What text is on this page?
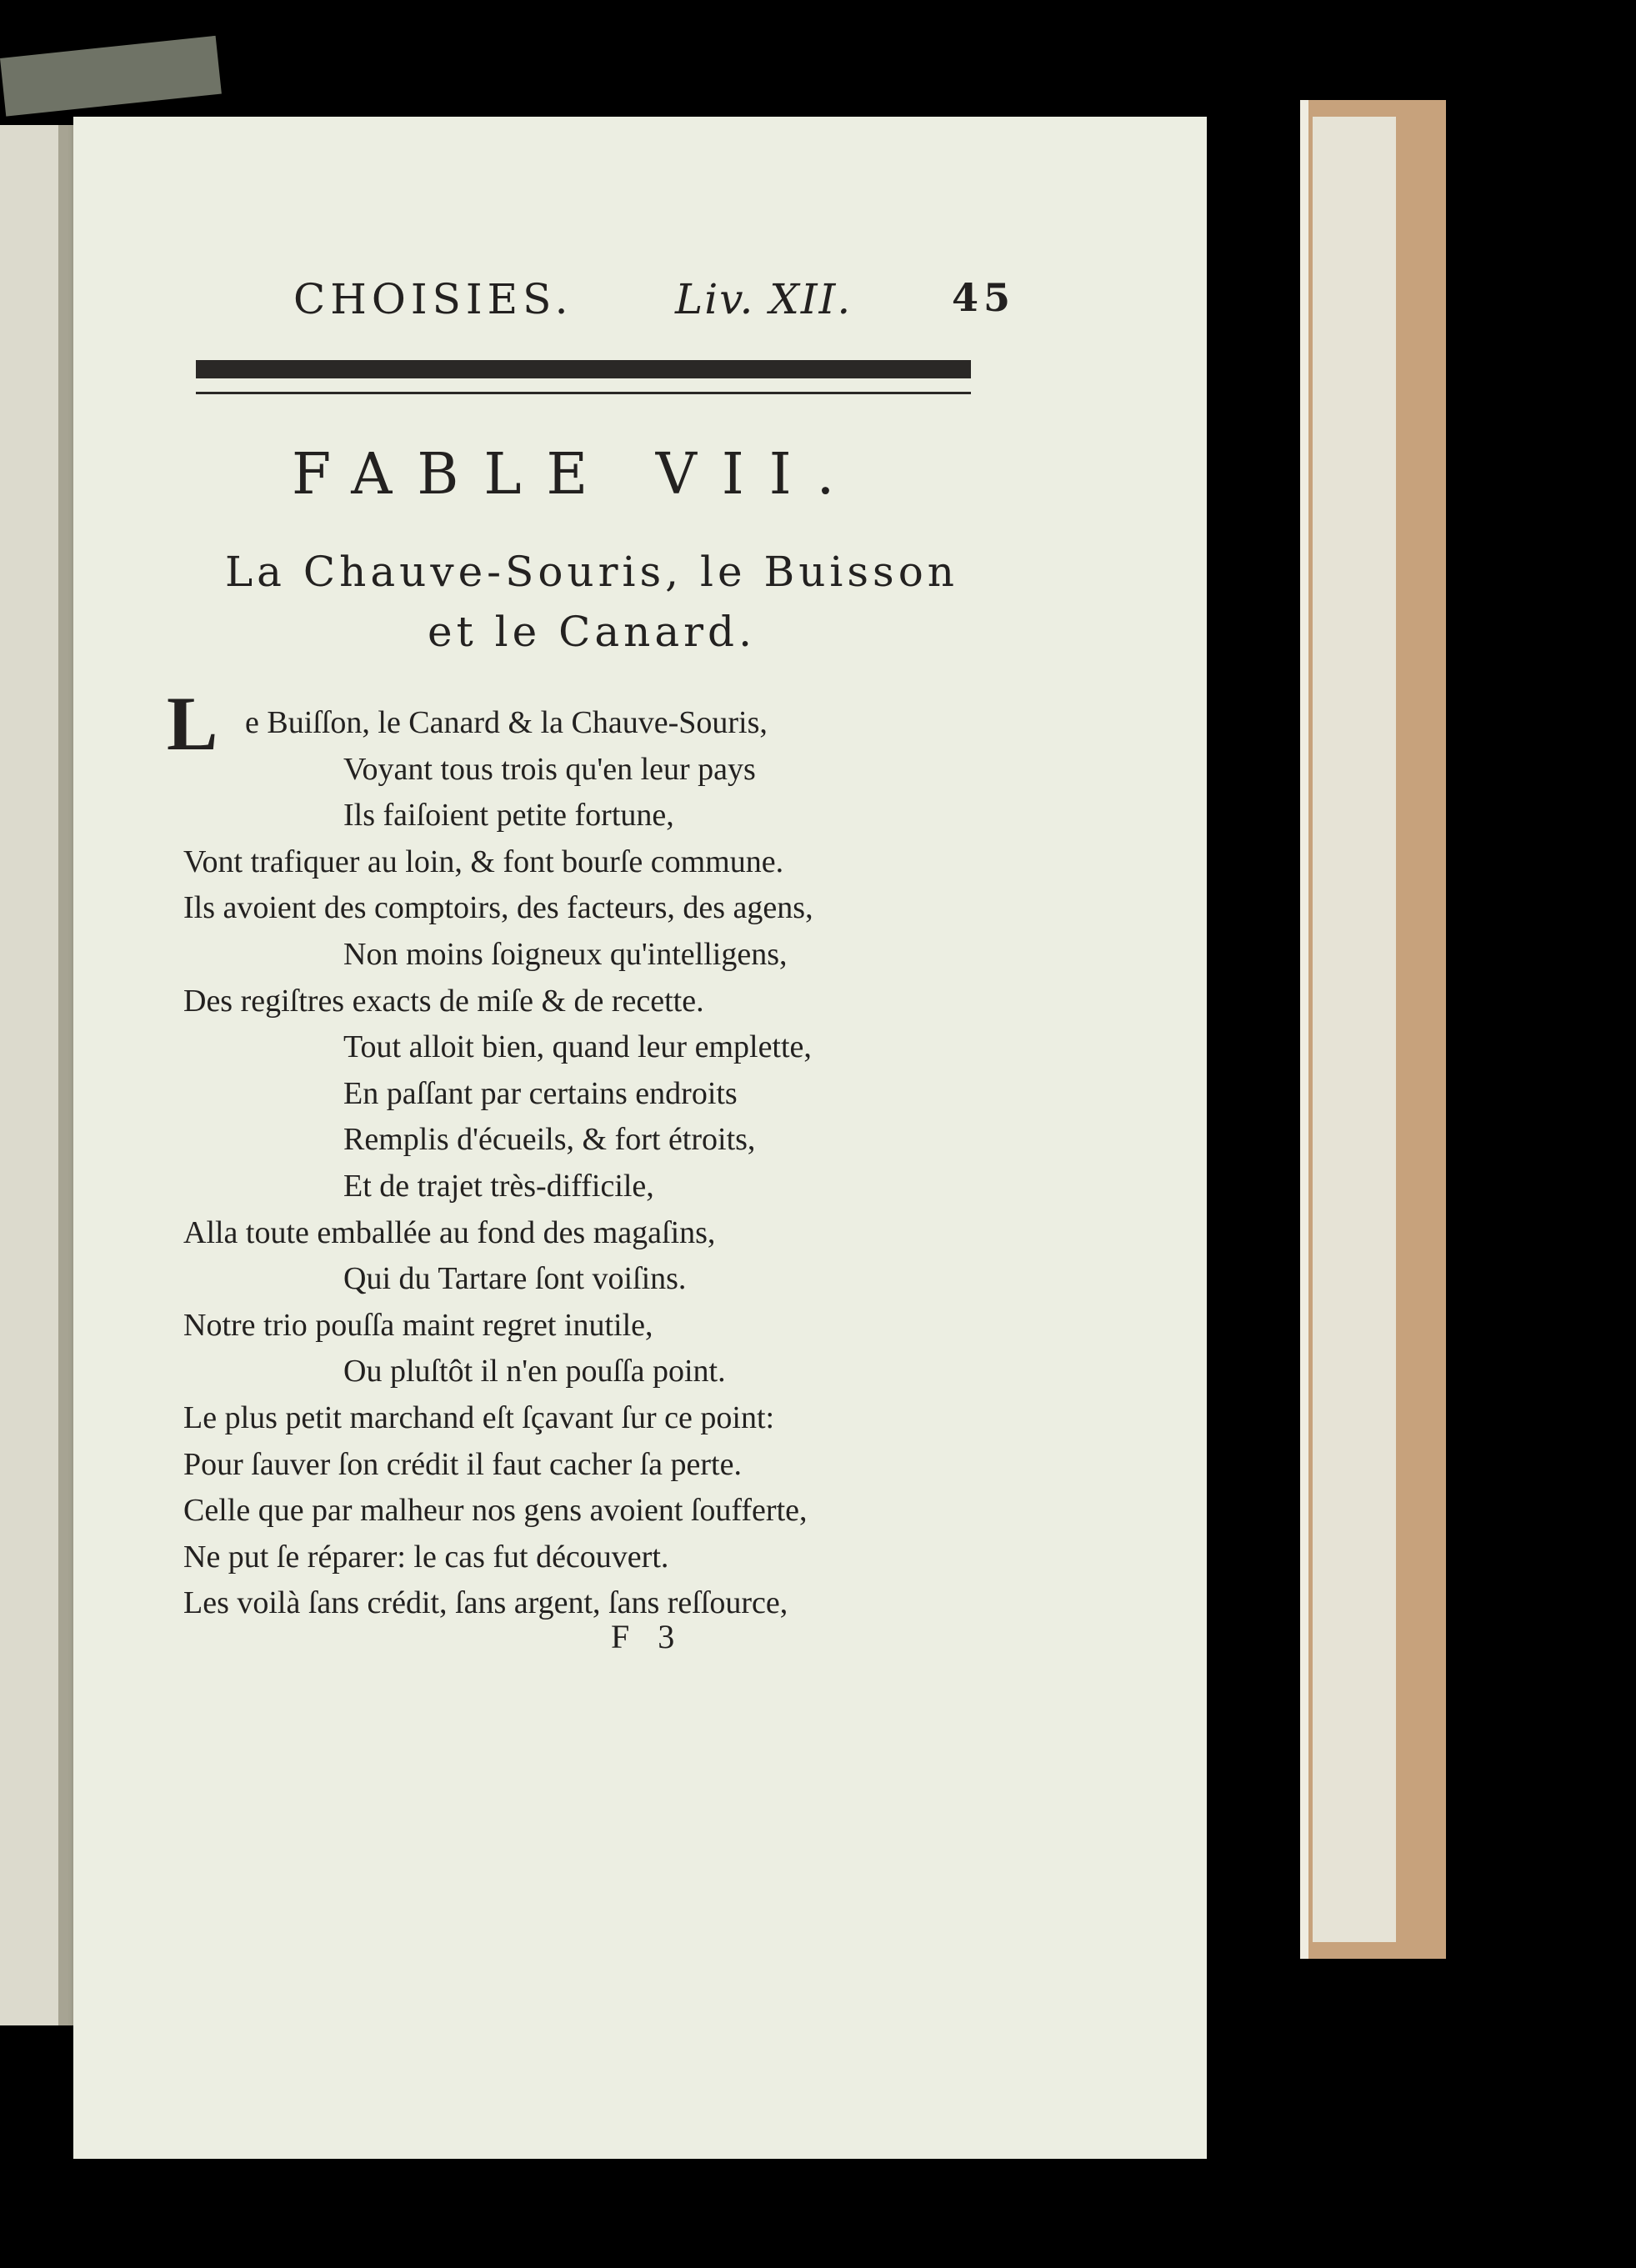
CHOISIES. Liv. XII.	45
FABLE VII.
La Chauve-Souris, le Buisson
et le Canard.
L e Buiſſon, le Canard & la Chauve-Souris,
Voyant tous trois qu'en leur pays
Ils faiſoient petite fortune,
Vont trafiquer au loin, & font bourſe commune.
Ils avoient des comptoirs, des facteurs, des agens,
Non moins ſoigneux qu'intelligens,
Des regiſtres exacts de miſe & de recette.
Tout alloit bien, quand leur emplette,
En paſſant par certains endroits
Remplis d'écueils, & fort étroits,
Et de trajet très-difficile,
Alla toute emballée au fond des magaſins,
Qui du Tartare ſont voiſins.
Notre trio pouſſa maint regret inutile,
Ou pluſtôt il n'en pouſſa point.
Le plus petit marchand eſt ſçavant ſur ce point:
Pour ſauver ſon crédit il faut cacher ſa perte.
Celle que par malheur nos gens avoient ſoufferte,
Ne put ſe réparer: le cas fut découvert.
Les voilà ſans crédit, ſans argent, ſans reſſource,
F 3
